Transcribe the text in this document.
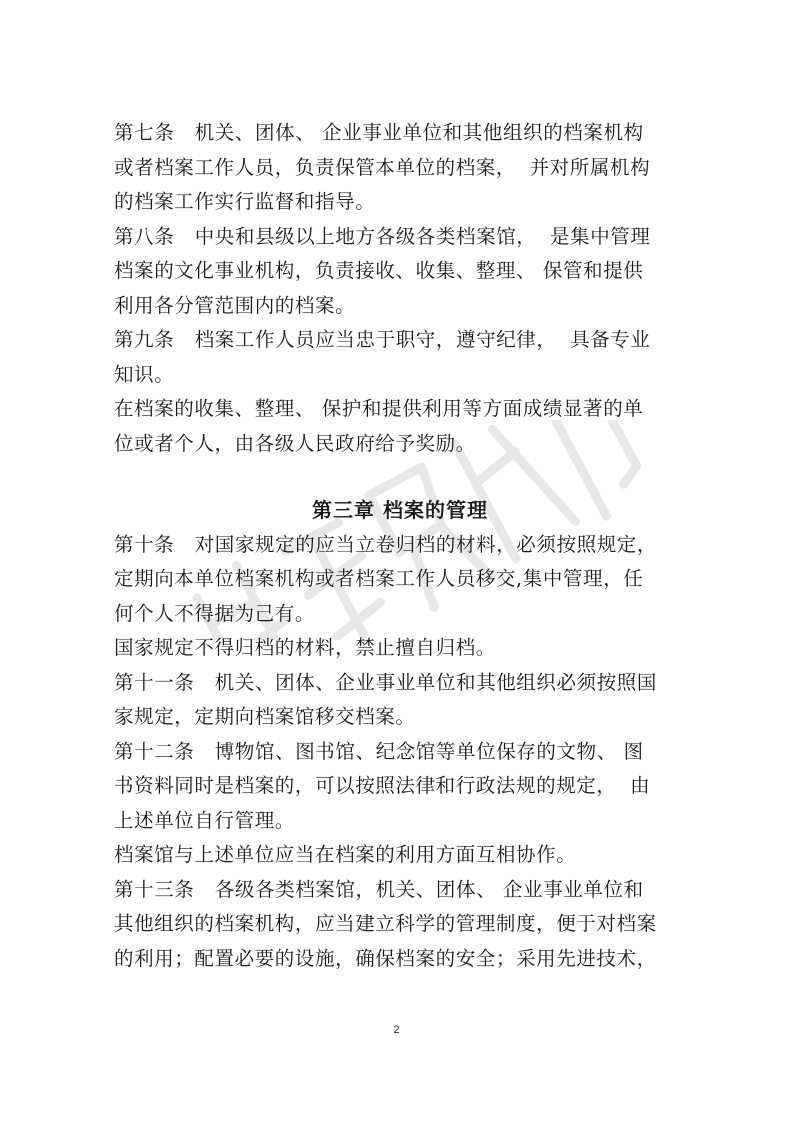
第七条   机关、团体、 企业事业单位和其他组织的档案机构
或者档案工作人员，负责保管本单位的档案，  并对所属机构
的档案工作实行监督和指导。
第八条   中央和县级以上地方各级各类档案馆，  是集中管理
档案的文化事业机构，负责接收、收集、整理、 保管和提供
利用各分管范围内的档案。
第九条   档案工作人员应当忠于职守，遵守纪律，  具备专业
知识。
在档案的收集、整理、 保护和提供利用等方面成绩显著的单
位或者个人，由各级人民政府给予奖励。
第三章 档案的管理
第十条   对国家规定的应当立卷归档的材料，必须按照规定，
定期向本单位档案机构或者档案工作人员移交,集中管理，任
何个人不得据为己有。
国家规定不得归档的材料，禁止擅自归档。
第十一条   机关、团体、企业事业单位和其他组织必须按照国
家规定，定期向档案馆移交档案。
第十二条   博物馆、图书馆、纪念馆等单位保存的文物、 图
书资料同时是档案的，可以按照法律和行政法规的规定，  由
上述单位自行管理。
档案馆与上述单位应当在档案的利用方面互相协作。
第十三条   各级各类档案馆，机关、团体、 企业事业单位和
其他组织的档案机构，应当建立科学的管理制度，便于对档案
的利用；配置必要的设施，确保档案的安全；采用先进技术，
2
